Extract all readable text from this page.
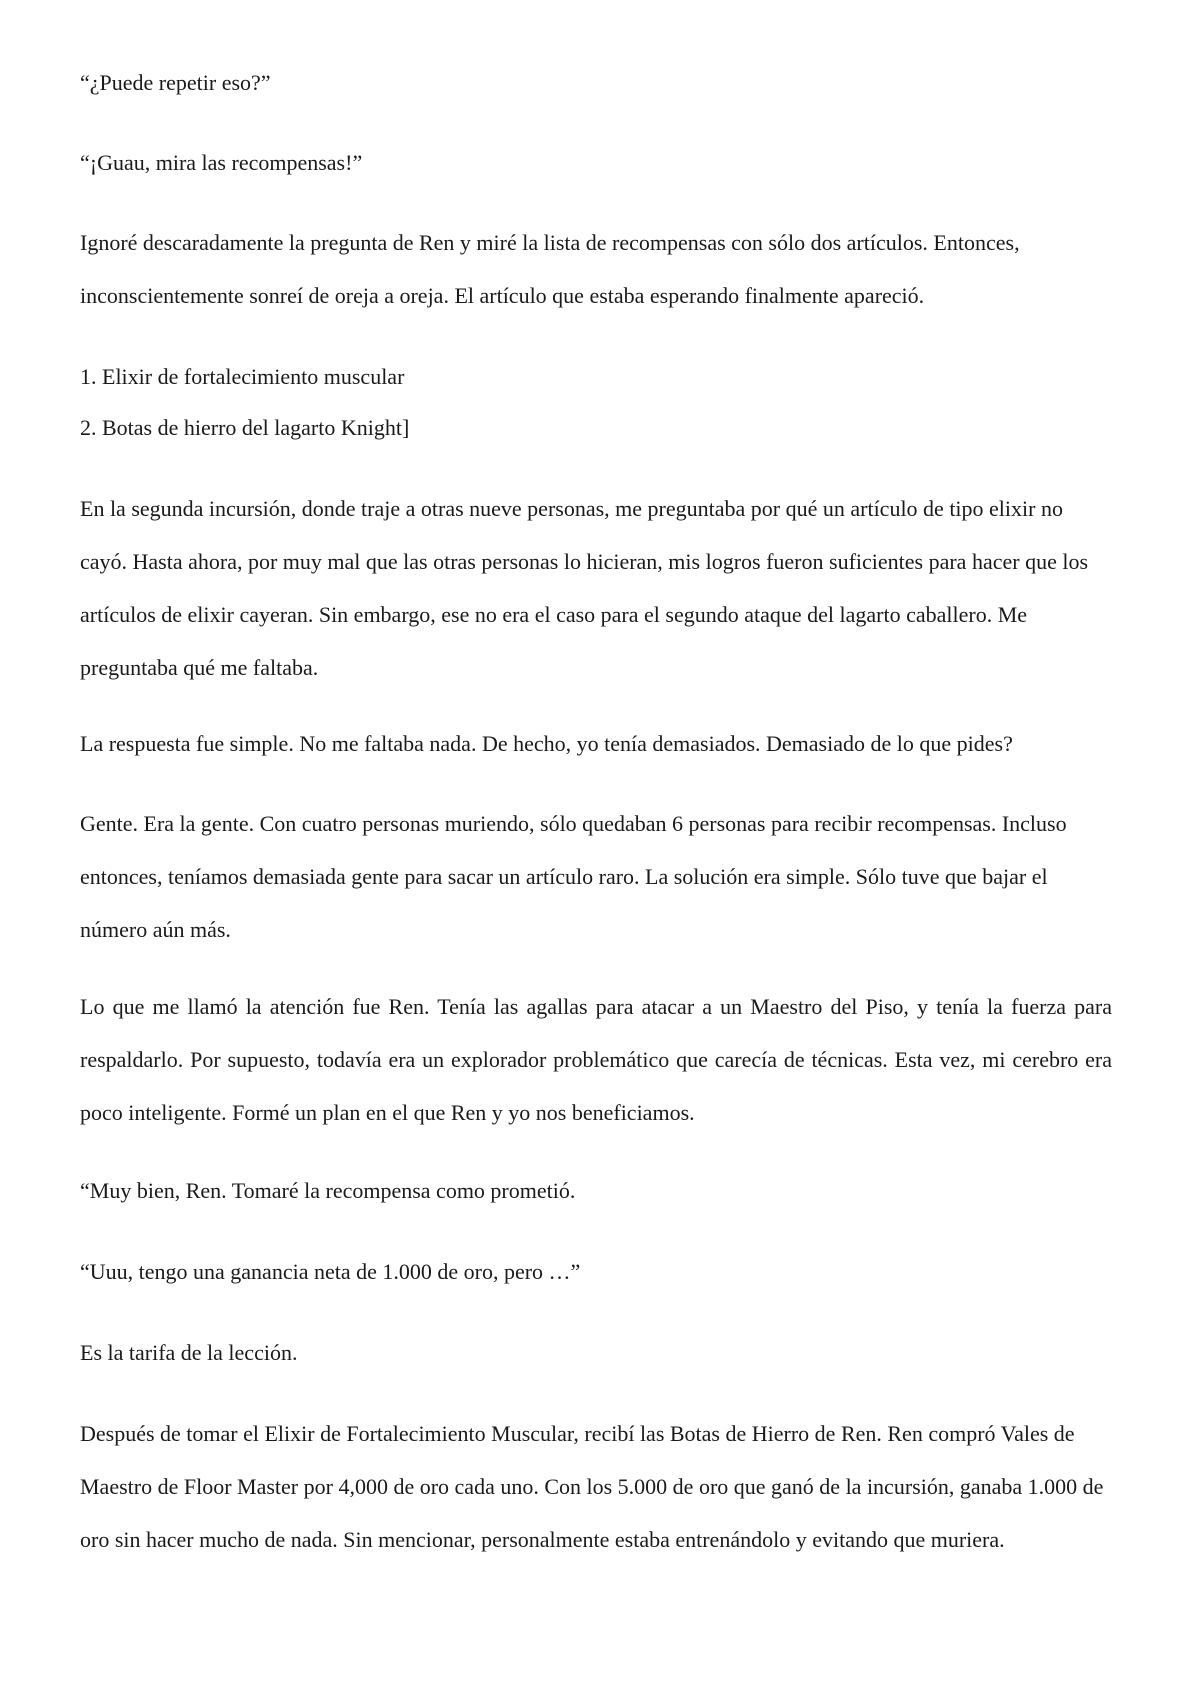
“¿Puede repetir eso?”

“¡Guau, mira las recompensas!”

Ignoré descaradamente la pregunta de Ren y miré la lista de recompensas con sólo dos artículos. Entonces, inconscientemente sonreí de oreja a oreja. El artículo que estaba esperando finalmente apareció.

1. Elixir de fortalecimiento muscular

2. Botas de hierro del lagarto Knight]

En la segunda incursión, donde traje a otras nueve personas, me preguntaba por qué un artículo de tipo elixir no cayó. Hasta ahora, por muy mal que las otras personas lo hicieran, mis logros fueron suficientes para hacer que los artículos de elixir cayeran. Sin embargo, ese no era el caso para el segundo ataque del lagarto caballero. Me preguntaba qué me faltaba.

La respuesta fue simple. No me faltaba nada. De hecho, yo tenía demasiados. Demasiado de lo que pides?

Gente. Era la gente. Con cuatro personas muriendo, sólo quedaban 6 personas para recibir recompensas. Incluso entonces, teníamos demasiada gente para sacar un artículo raro. La solución era simple. Sólo tuve que bajar el número aún más.

Lo que me llamó la atención fue Ren. Tenía las agallas para atacar a un Maestro del Piso, y tenía la fuerza para respaldarlo. Por supuesto, todavía era un explorador problemático que carecía de técnicas. Esta vez, mi cerebro era poco inteligente. Formé un plan en el que Ren y yo nos beneficiamos.

“Muy bien, Ren. Tomaré la recompensa como prometió.

“Uuu, tengo una ganancia neta de 1.000 de oro, pero …”

Es la tarifa de la lección.

Después de tomar el Elixir de Fortalecimiento Muscular, recibí las Botas de Hierro de Ren. Ren compró Vales de Maestro de Floor Master por 4,000 de oro cada uno. Con los 5.000 de oro que ganó de la incursión, ganaba 1.000 de oro sin hacer mucho de nada. Sin mencionar, personalmente estaba entrenándolo y evitando que muriera.
